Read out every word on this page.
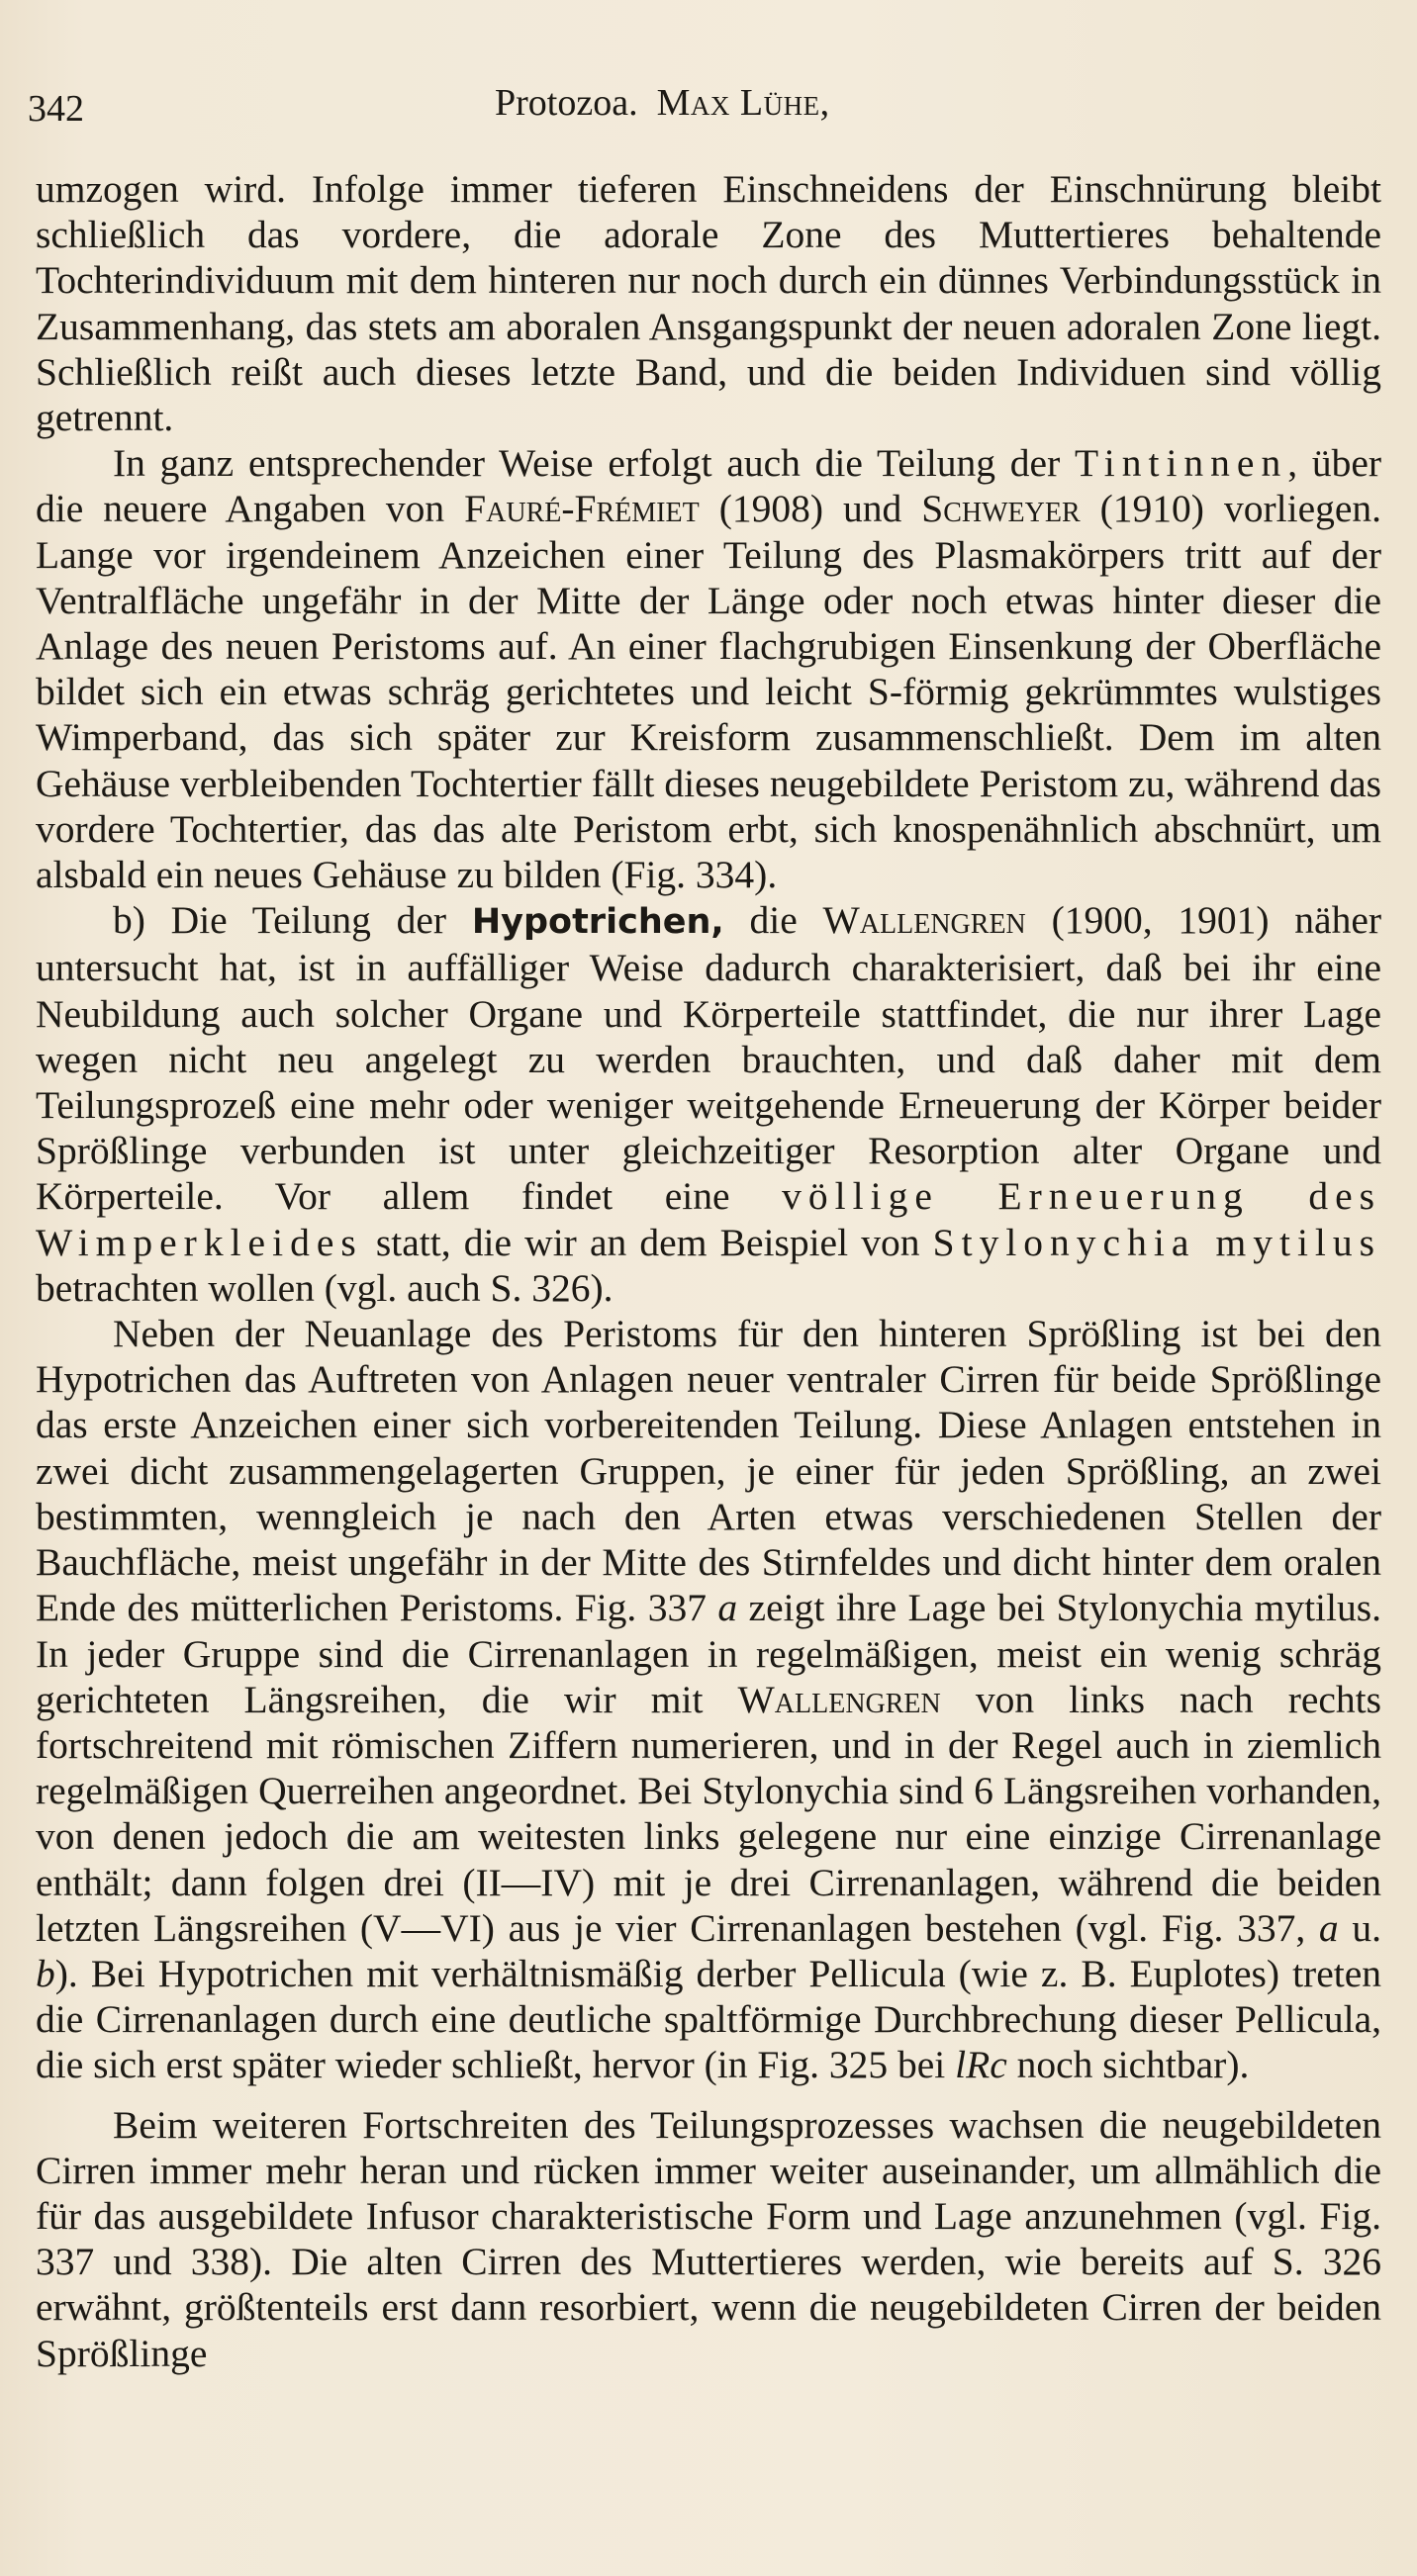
342	Protozoa. Max Lühe,

umzogen wird. Infolge immer tieferen Einschneidens der Einschnürung bleibt schließlich das vordere, die adorale Zone des Muttertieres behaltende Tochterindividuum mit dem hinteren nur noch durch ein dünnes Verbindungsstück in Zusammenhang, das stets am aboralen Ansgangspunkt der neuen adoralen Zone liegt. Schließlich reißt auch dieses letzte Band, und die beiden Individuen sind völlig getrennt.

In ganz entsprechender Weise erfolgt auch die Teilung der Tintinnen, über die neuere Angaben von Fauré-Frémiet (1908) und Schweyer (1910) vorliegen. Lange vor irgendeinem Anzeichen einer Teilung des Plasmakörpers tritt auf der Ventralfläche ungefähr in der Mitte der Länge oder noch etwas hinter dieser die Anlage des neuen Peristoms auf. An einer flachgrubigen Einsenkung der Oberfläche bildet sich ein etwas schräg gerichtetes und leicht S-förmig gekrümmtes wulstiges Wimperband, das sich später zur Kreisform zusammenschließt. Dem im alten Gehäuse verbleibenden Tochtertier fällt dieses neugebildete Peristom zu, während das vordere Tochtertier, das das alte Peristom erbt, sich knospenähnlich abschnürt, um alsbald ein neues Gehäuse zu bilden (Fig. 334).

b) Die Teilung der Hypotrichen, die Wallengren (1900, 1901) näher untersucht hat, ist in auffälliger Weise dadurch charakterisiert, daß bei ihr eine Neubildung auch solcher Organe und Körperteile stattfindet, die nur ihrer Lage wegen nicht neu angelegt zu werden brauchten, und daß daher mit dem Teilungsprozeß eine mehr oder weniger weitgehende Erneuerung der Körper beider Sprößlinge verbunden ist unter gleichzeitiger Resorption alter Organe und Körperteile. Vor allem findet eine völlige Erneuerung des Wimperkleides statt, die wir an dem Beispiel von Stylonychia mytilus betrachten wollen (vgl. auch S. 326).

Neben der Neuanlage des Peristoms für den hinteren Sprößling ist bei den Hypotrichen das Auftreten von Anlagen neuer ventraler Cirren für beide Sprößlinge das erste Anzeichen einer sich vorbereitenden Teilung. Diese Anlagen entstehen in zwei dicht zusammengelagerten Gruppen, je einer für jeden Sprößling, an zwei bestimmten, wenngleich je nach den Arten etwas verschiedenen Stellen der Bauchfläche, meist ungefähr in der Mitte des Stirnfeldes und dicht hinter dem oralen Ende des mütterlichen Peristoms. Fig. 337 a zeigt ihre Lage bei Stylonychia mytilus. In jeder Gruppe sind die Cirrenanlagen in regelmäßigen, meist ein wenig schräg gerichteten Längsreihen, die wir mit Wallengren von links nach rechts fortschreitend mit römischen Ziffern numerieren, und in der Regel auch in ziemlich regelmäßigen Querreihen angeordnet. Bei Stylonychia sind 6 Längsreihen vorhanden, von denen jedoch die am weitesten links gelegene nur eine einzige Cirrenanlage enthält; dann folgen drei (II—IV) mit je drei Cirrenanlagen, während die beiden letzten Längsreihen (V—VI) aus je vier Cirrenanlagen bestehen (vgl. Fig. 337, a u. b). Bei Hypotrichen mit verhältnismäßig derber Pellicula (wie z. B. Euplotes) treten die Cirrenanlagen durch eine deutliche spaltförmige Durchbrechung dieser Pellicula, die sich erst später wieder schließt, hervor (in Fig. 325 bei lRc noch sichtbar).

Beim weiteren Fortschreiten des Teilungsprozesses wachsen die neugebildeten Cirren immer mehr heran und rücken immer weiter auseinander, um allmählich die für das ausgebildete Infusor charakteristische Form und Lage anzunehmen (vgl. Fig. 337 und 338). Die alten Cirren des Muttertieres werden, wie bereits auf S. 326 erwähnt, größtenteils erst dann resorbiert, wenn die neugebildeten Cirren der beiden Sprößlinge
